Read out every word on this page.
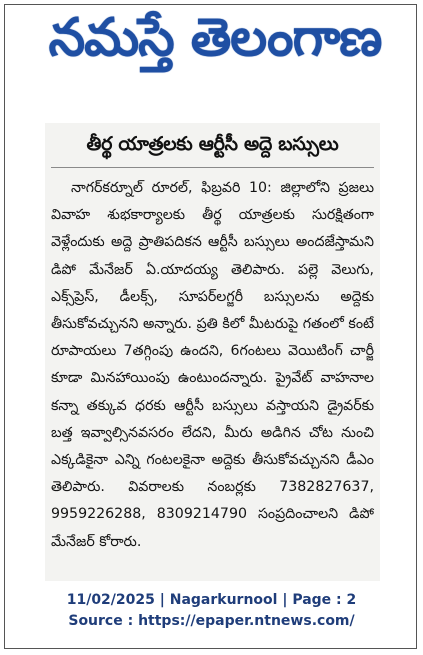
నమస్తే తెలంగాణ
తీర్థ యాత్రలకు ఆర్టీసీ అద్దె బస్సులు
నాగర్‌కర్నూల్ రూరల్, ఫిబ్రవరి 10: జిల్లాలోని ప్రజలు వివాహ శుభకార్యాలకు తీర్థ యాత్రలకు సురక్షితంగా వెళ్లేందుకు అద్దె ప్రాతిపదికన ఆర్టీసీ బస్సులు అందజేస్తామని డిపో మేనేజర్ ఏ.యాదయ్య తెలిపారు. పల్లె వెలుగు, ఎక్స్‌ప్రెస్, డీలక్స్, సూపర్‌లగ్జరీ బస్సులను అద్దెకు తీసుకోవచ్చునని అన్నారు. ప్రతి కిలో మీటరుపై గతంలో కంటే రూపాయలు 7తగ్గింపు ఉందని, 6గంటలు వెయిటింగ్ చార్జీ కూడా మినహాయింపు ఉంటుందన్నారు. ప్రైవేట్ వాహనాల కన్నా తక్కువ ధరకు ఆర్టీసీ బస్సులు వస్తాయని డ్రైవర్‌కు బత్త ఇవ్వాల్సినవసరం లేదని, మీరు అడిగిన చోట నుంచి ఎక్కడికైనా ఎన్ని గంటలకైనా అద్దెకు తీసుకోవచ్చునని డీఎం తెలిపారు. వివరాలకు నంబర్లకు 7382827637, 9959226288, 8309214790 సంప్రదించాలని డిపో మేనేజర్ కోరారు.
11/02/2025 | Nagarkurnool | Page : 2
Source : https://epaper.ntnews.com/
